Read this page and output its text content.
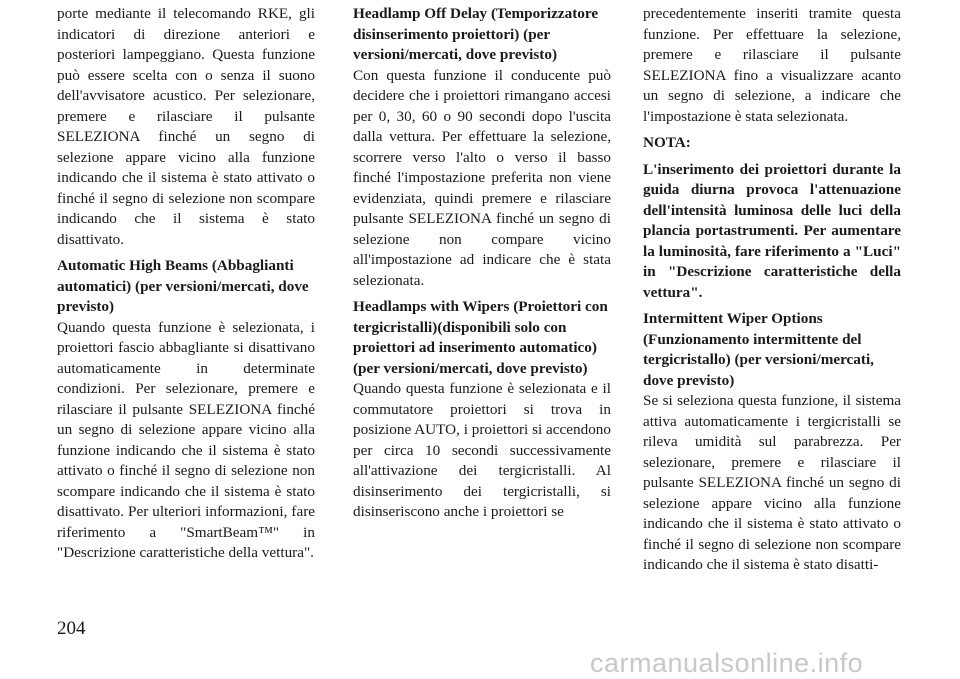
porte mediante il telecomando RKE, gli indicatori di direzione anteriori e posteriori lampeggiano. Questa funzione può essere scelta con o senza il suono dell'avvisatore acustico. Per selezionare, premere e rilasciare il pulsante SELEZIONA finché un segno di selezione appare vicino alla funzione indicando che il sistema è stato attivato o finché il segno di selezione non scompare indicando che il sistema è stato disattivato.

Automatic High Beams (Abbaglianti automatici) (per versioni/mercati, dove previsto)

Quando questa funzione è selezionata, i proiettori fascio abbagliante si disattivano automaticamente in determinate condizioni. Per selezionare, premere e rilasciare il pulsante SELEZIONA finché un segno di selezione appare vicino alla funzione indicando che il sistema è stato attivato o finché il segno di selezione non scompare indicando che il sistema è stato disattivato. Per ulteriori informazioni, fare riferimento a "SmartBeam™" in "Descrizione caratteristiche della vettura".

Headlamp Off Delay (Temporizzatore disinserimento proiettori) (per versioni/mercati, dove previsto)

Con questa funzione il conducente può decidere che i proiettori rimangano accesi per 0, 30, 60 o 90 secondi dopo l'uscita dalla vettura. Per effettuare la selezione, scorrere verso l'alto o verso il basso finché l'impostazione preferita non viene evidenziata, quindi premere e rilasciare pulsante SELEZIONA finché un segno di selezione non compare vicino all'impostazione ad indicare che è stata selezionata.

Headlamps with Wipers (Proiettori con tergicristalli)(disponibili solo con proiettori ad inserimento automatico) (per versioni/mercati, dove previsto)

Quando questa funzione è selezionata e il commutatore proiettori si trova in posizione AUTO, i proiettori si accendono per circa 10 secondi successivamente all'attivazione dei tergicristalli. Al disinserimento dei tergicristalli, si disinseriscono anche i proiettori se

precedentemente inseriti tramite questa funzione. Per effettuare la selezione, premere e rilasciare il pulsante SELEZIONA fino a visualizzare acanto un segno di selezione, a indicare che l'impostazione è stata selezionata.

NOTA:

L'inserimento dei proiettori durante la guida diurna provoca l'attenuazione dell'intensità luminosa delle luci della plancia portastrumenti. Per aumentare la luminosità, fare riferimento a "Luci" in "Descrizione caratteristiche della vettura".

Intermittent Wiper Options (Funzionamento intermittente del tergicristallo) (per versioni/mercati, dove previsto)

Se si seleziona questa funzione, il sistema attiva automaticamente i tergicristalli se rileva umidità sul parabrezza. Per selezionare, premere e rilasciare il pulsante SELEZIONA finché un segno di selezione appare vicino alla funzione indicando che il sistema è stato attivato o finché il segno di selezione non scompare indicando che il sistema è stato disatti-

204
carmanualsonline.info
